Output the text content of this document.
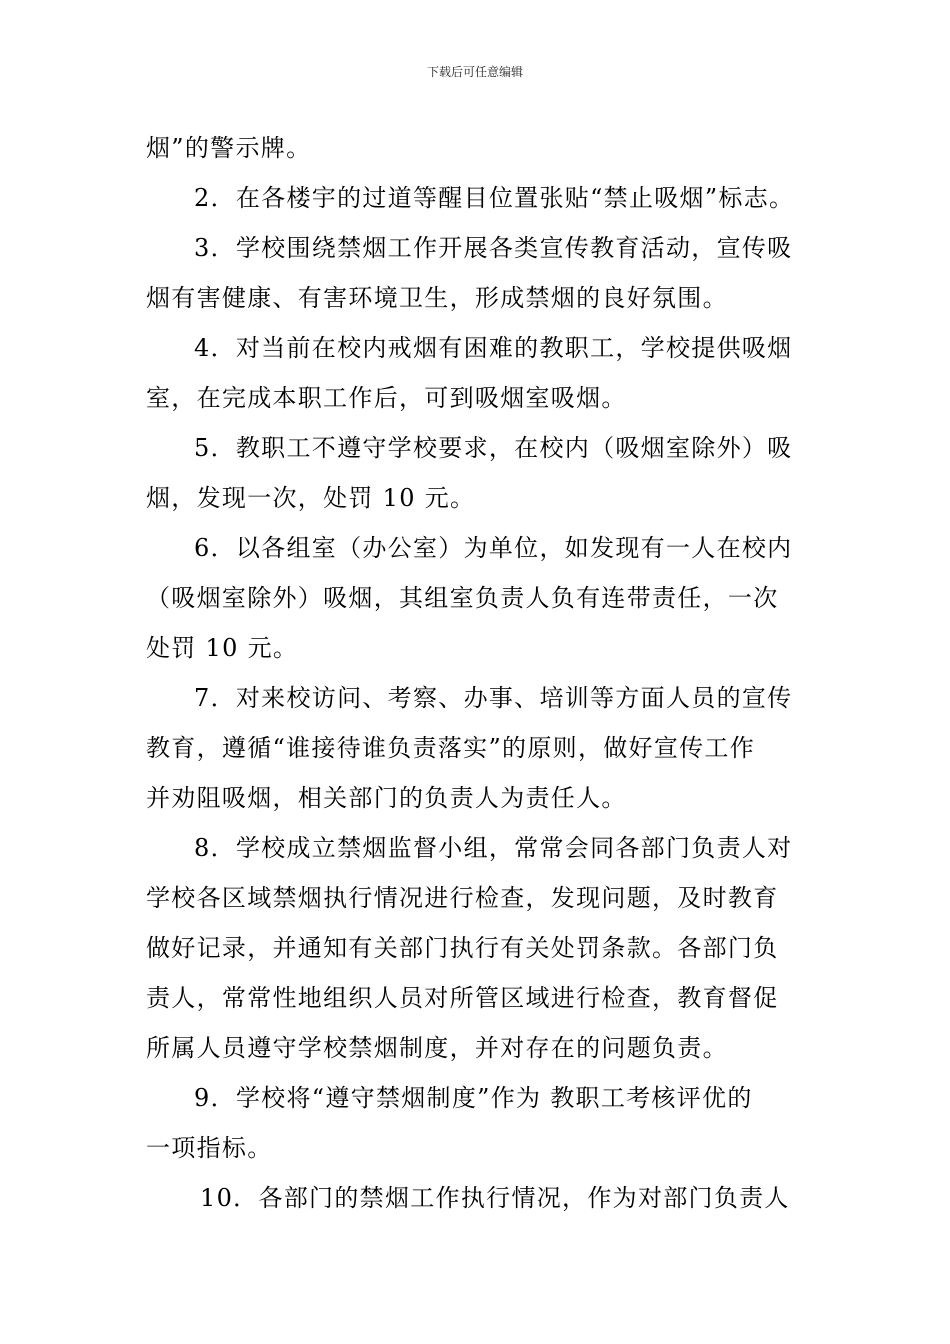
下载后可任意编辑
烟”的警示牌。
2．在各楼宇的过道等醒目位置张贴“禁止吸烟”标志。
3．学校围绕禁烟工作开展各类宣传教育活动，宣传吸
烟有害健康、有害环境卫生，形成禁烟的良好氛围。
4．对当前在校内戒烟有困难的教职工，学校提供吸烟
室，在完成本职工作后，可到吸烟室吸烟。
5．教职工不遵守学校要求，在校内（吸烟室除外）吸
烟，发现一次，处罚 10 元。
6．以各组室（办公室）为单位，如发现有一人在校内
（吸烟室除外）吸烟，其组室负责人负有连带责任，一次
处罚 10 元。
7．对来校访问、考察、办事、培训等方面人员的宣传
教育，遵循“谁接待谁负责落实”的原则，做好宣传工作
并劝阻吸烟，相关部门的负责人为责任人。
8．学校成立禁烟监督小组，常常会同各部门负责人对
学校各区域禁烟执行情况进行检查，发现问题，及时教育
做好记录，并通知有关部门执行有关处罚条款。各部门负
责人，常常性地组织人员对所管区域进行检查，教育督促
所属人员遵守学校禁烟制度，并对存在的问题负责。
9．学校将“遵守禁烟制度”作为 教职工考核评优的
一项指标。
10．各部门的禁烟工作执行情况，作为对部门负责人
